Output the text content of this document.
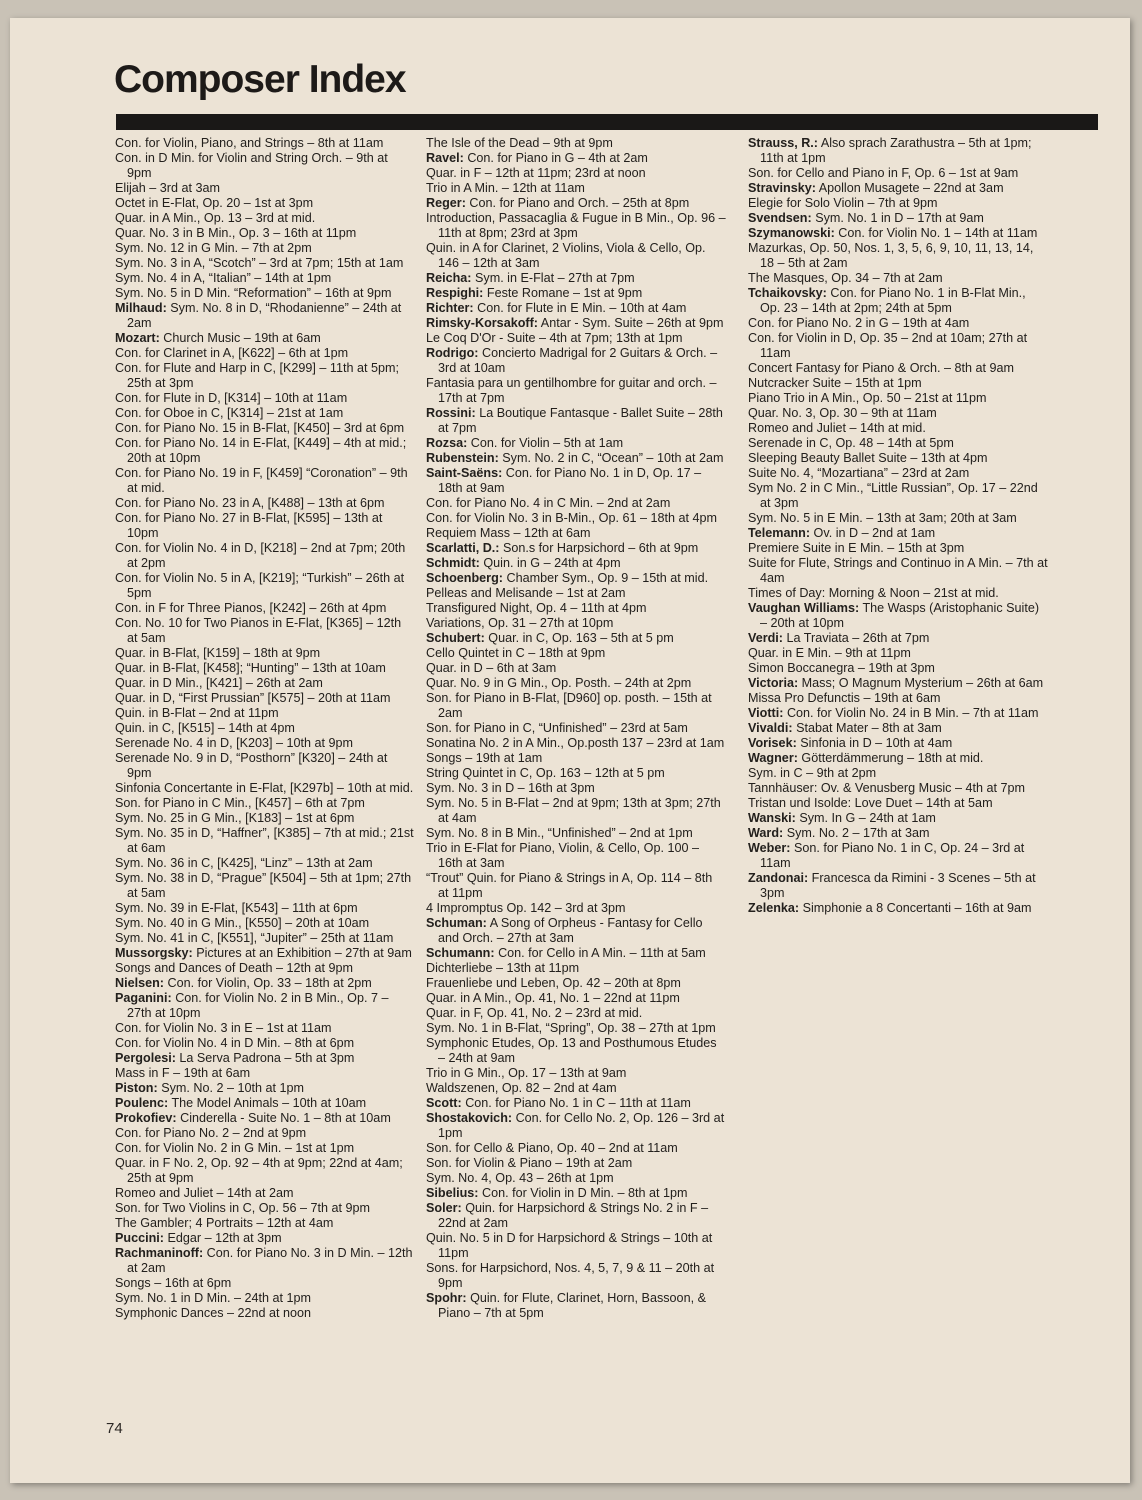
Composer Index
Con. for Violin, Piano, and Strings – 8th at 11am
Con. in D Min. for Violin and String Orch. – 9th at 9pm
Elijah – 3rd at 3am
Octet in E-Flat, Op. 20 – 1st at 3pm
Quar. in A Min., Op. 13 – 3rd at mid.
Quar. No. 3 in B Min., Op. 3 – 16th at 11pm
Sym. No. 12 in G Min. – 7th at 2pm
Sym. No. 3 in A, “Scotch” – 3rd at 7pm; 15th at 1am
Sym. No. 4 in A, “Italian” – 14th at 1pm
Sym. No. 5 in D Min. “Reformation” – 16th at 9pm
Milhaud: Sym. No. 8 in D, “Rhodanienne” – 24th at 2am
Mozart: Church Music – 19th at 6am
Con. for Clarinet in A, [K622] – 6th at 1pm
Con. for Flute and Harp in C, [K299] – 11th at 5pm; 25th at 3pm
Con. for Flute in D, [K314] – 10th at 11am
Con. for Oboe in C, [K314] – 21st at 1am
Con. for Piano No. 15 in B-Flat, [K450] – 3rd at 6pm
Con. for Piano No. 14 in E-Flat, [K449] – 4th at mid.; 20th at 10pm
Con. for Piano No. 19 in F, [K459] “Coronation” – 9th at mid.
Con. for Piano No. 23 in A, [K488] – 13th at 6pm
Con. for Piano No. 27 in B-Flat, [K595] – 13th at 10pm
Con. for Violin No. 4 in D, [K218] – 2nd at 7pm; 20th at 2pm
Con. for Violin No. 5 in A, [K219]; “Turkish” – 26th at 5pm
Con. in F for Three Pianos, [K242] – 26th at 4pm
Con. No. 10 for Two Pianos in E-Flat, [K365] – 12th at 5am
Quar. in B-Flat, [K159] – 18th at 9pm
Quar. in B-Flat, [K458]; “Hunting” – 13th at 10am
Quar. in D Min., [K421] – 26th at 2am
Quar. in D, “First Prussian” [K575] – 20th at 11am
Quin. in B-Flat – 2nd at 11pm
Quin. in C, [K515] – 14th at 4pm
Serenade No. 4 in D, [K203] – 10th at 9pm
Serenade No. 9 in D, “Posthorn” [K320] – 24th at 9pm
Sinfonia Concertante in E-Flat, [K297b] – 10th at mid.
Son. for Piano in C Min., [K457] – 6th at 7pm
Sym. No. 25 in G Min., [K183] – 1st at 6pm
Sym. No. 35 in D, “Haffner”, [K385] – 7th at mid.; 21st at 6am
Sym. No. 36 in C, [K425], “Linz” – 13th at 2am
Sym. No. 38 in D, “Prague” [K504] – 5th at 1pm; 27th at 5am
Sym. No. 39 in E-Flat, [K543] – 11th at 6pm
Sym. No. 40 in G Min., [K550] – 20th at 10am
Sym. No. 41 in C, [K551], “Jupiter” – 25th at 11am
Mussorgsky: Pictures at an Exhibition – 27th at 9am
Songs and Dances of Death – 12th at 9pm
Nielsen: Con. for Violin, Op. 33 – 18th at 2pm
Paganini: Con. for Violin No. 2 in B Min., Op. 7 – 27th at 10pm
Con. for Violin No. 3 in E – 1st at 11am
Con. for Violin No. 4 in D Min. – 8th at 6pm
Pergolesi: La Serva Padrona – 5th at 3pm
Mass in F – 19th at 6am
Piston: Sym. No. 2 – 10th at 1pm
Poulenc: The Model Animals – 10th at 10am
Prokofiev: Cinderella - Suite No. 1 – 8th at 10am
Con. for Piano No. 2 – 2nd at 9pm
Con. for Violin No. 2 in G Min. – 1st at 1pm
Quar. in F No. 2, Op. 92 – 4th at 9pm; 22nd at 4am; 25th at 9pm
Romeo and Juliet – 14th at 2am
Son. for Two Violins in C, Op. 56 – 7th at 9pm
The Gambler; 4 Portraits – 12th at 4am
Puccini: Edgar – 12th at 3pm
Rachmaninoff: Con. for Piano No. 3 in D Min. – 12th at 2am
Songs – 16th at 6pm
Sym. No. 1 in D Min. – 24th at 1pm
Symphonic Dances – 22nd at noon
The Isle of the Dead – 9th at 9pm
Ravel: Con. for Piano in G – 4th at 2am
Quar. in F – 12th at 11pm; 23rd at noon
Trio in A Min. – 12th at 11am
Reger: Con. for Piano and Orch. – 25th at 8pm
Introduction, Passacaglia & Fugue in B Min., Op. 96 – 11th at 8pm; 23rd at 3pm
Quin. in A for Clarinet, 2 Violins, Viola & Cello, Op. 146 – 12th at 3am
Reicha: Sym. in E-Flat – 27th at 7pm
Respighi: Feste Romane – 1st at 9pm
Richter: Con. for Flute in E Min. – 10th at 4am
Rimsky-Korsakoff: Antar - Sym. Suite – 26th at 9pm
Le Coq D'Or - Suite – 4th at 7pm; 13th at 1pm
Rodrigo: Concierto Madrigal for 2 Guitars & Orch. – 3rd at 10am
Fantasia para un gentilhombre for guitar and orch. – 17th at 7pm
Rossini: La Boutique Fantasque - Ballet Suite – 28th at 7pm
Rozsa: Con. for Violin – 5th at 1am
Rubenstein: Sym. No. 2 in C, “Ocean” – 10th at 2am
Saint-Saëns: Con. for Piano No. 1 in D, Op. 17 – 18th at 9am
Con. for Piano No. 4 in C Min. – 2nd at 2am
Con. for Violin No. 3 in B-Min., Op. 61 – 18th at 4pm
Requiem Mass – 12th at 6am
Scarlatti, D.: Son.s for Harpsichord – 6th at 9pm
Schmidt: Quin. in G – 24th at 4pm
Schoenberg: Chamber Sym., Op. 9 – 15th at mid.
Pelleas and Melisande – 1st at 2am
Transfigured Night, Op. 4 – 11th at 4pm
Variations, Op. 31 – 27th at 10pm
Schubert: Quar. in C, Op. 163 – 5th at 5 pm
Cello Quintet in C – 18th at 9pm
Quar. in D – 6th at 3am
Quar. No. 9 in G Min., Op. Posth. – 24th at 2pm
Son. for Piano in B-Flat, [D960] op. posth. – 15th at 2am
Son. for Piano in C, “Unfinished” – 23rd at 5am
Sonatina No. 2 in A Min., Op.posth 137 – 23rd at 1am
Songs – 19th at 1am
String Quintet in C, Op. 163 – 12th at 5 pm
Sym. No. 3 in D – 16th at 3pm
Sym. No. 5 in B-Flat – 2nd at 9pm; 13th at 3pm; 27th at 4am
Sym. No. 8 in B Min., “Unfinished” – 2nd at 1pm
Trio in E-Flat for Piano, Violin, & Cello, Op. 100 – 16th at 3am
“Trout” Quin. for Piano & Strings in A, Op. 114 – 8th at 11pm
4 Impromptus Op. 142 – 3rd at 3pm
Schuman: A Song of Orpheus - Fantasy for Cello and Orch. – 27th at 3am
Schumann: Con. for Cello in A Min. – 11th at 5am
Dichterliebe – 13th at 11pm
Frauenliebe und Leben, Op. 42 – 20th at 8pm
Quar. in A Min., Op. 41, No. 1 – 22nd at 11pm
Quar. in F, Op. 41, No. 2 – 23rd at mid.
Sym. No. 1 in B-Flat, “Spring”, Op. 38 – 27th at 1pm
Symphonic Etudes, Op. 13 and Posthumous Etudes – 24th at 9am
Trio in G Min., Op. 17 – 13th at 9am
Waldszenen, Op. 82 – 2nd at 4am
Scott: Con. for Piano No. 1 in C – 11th at 11am
Shostakovich: Con. for Cello No. 2, Op. 126 – 3rd at 1pm
Son. for Cello & Piano, Op. 40 – 2nd at 11am
Son. for Violin & Piano – 19th at 2am
Sym. No. 4, Op. 43 – 26th at 1pm
Sibelius: Con. for Violin in D Min. – 8th at 1pm
Soler: Quin. for Harpsichord & Strings No. 2 in F – 22nd at 2am
Quin. No. 5 in D for Harpsichord & Strings – 10th at 11pm
Sons. for Harpsichord, Nos. 4, 5, 7, 9 & 11 – 20th at 9pm
Spohr: Quin. for Flute, Clarinet, Horn, Bassoon, & Piano – 7th at 5pm
Strauss, R.: Also sprach Zarathustra – 5th at 1pm; 11th at 1pm
Son. for Cello and Piano in F, Op. 6 – 1st at 9am
Stravinsky: Apollon Musagete – 22nd at 3am
Elegie for Solo Violin – 7th at 9pm
Svendsen: Sym. No. 1 in D – 17th at 9am
Szymanowski: Con. for Violin No. 1 – 14th at 11am
Mazurkas, Op. 50, Nos. 1, 3, 5, 6, 9, 10, 11, 13, 14, 18 – 5th at 2am
The Masques, Op. 34 – 7th at 2am
Tchaikovsky: Con. for Piano No. 1 in B-Flat Min., Op. 23 – 14th at 2pm; 24th at 5pm
Con. for Piano No. 2 in G – 19th at 4am
Con. for Violin in D, Op. 35 – 2nd at 10am; 27th at 11am
Concert Fantasy for Piano & Orch. – 8th at 9am
Nutcracker Suite – 15th at 1pm
Piano Trio in A Min., Op. 50 – 21st at 11pm
Quar. No. 3, Op. 30 – 9th at 11am
Romeo and Juliet – 14th at mid.
Serenade in C, Op. 48 – 14th at 5pm
Sleeping Beauty Ballet Suite – 13th at 4pm
Suite No. 4, “Mozartiana” – 23rd at 2am
Sym No. 2 in C Min., “Little Russian”, Op. 17 – 22nd at 3pm
Sym. No. 5 in E Min. – 13th at 3am; 20th at 3am
Telemann: Ov. in D – 2nd at 1am
Premiere Suite in E Min. – 15th at 3pm
Suite for Flute, Strings and Continuo in A Min. – 7th at 4am
Times of Day: Morning & Noon – 21st at mid.
Vaughan Williams: The Wasps (Aristophanic Suite) – 20th at 10pm
Verdi: La Traviata – 26th at 7pm
Quar. in E Min. – 9th at 11pm
Simon Boccanegra – 19th at 3pm
Victoria: Mass; O Magnum Mysterium – 26th at 6am
Missa Pro Defunctis – 19th at 6am
Viotti: Con. for Violin No. 24 in B Min. – 7th at 11am
Vivaldi: Stabat Mater – 8th at 3am
Vorisek: Sinfonia in D – 10th at 4am
Wagner: Götterdämmerung – 18th at mid.
Sym. in C – 9th at 2pm
Tannhäuser: Ov. & Venusberg Music – 4th at 7pm
Tristan und Isolde: Love Duet – 14th at 5am
Wanski: Sym. In G – 24th at 1am
Ward: Sym. No. 2 – 17th at 3am
Weber: Son. for Piano No. 1 in C, Op. 24 – 3rd at 11am
Zandonai: Francesca da Rimini - 3 Scenes – 5th at 3pm
Zelenka: Simphonie a 8 Concertanti – 16th at 9am
74
